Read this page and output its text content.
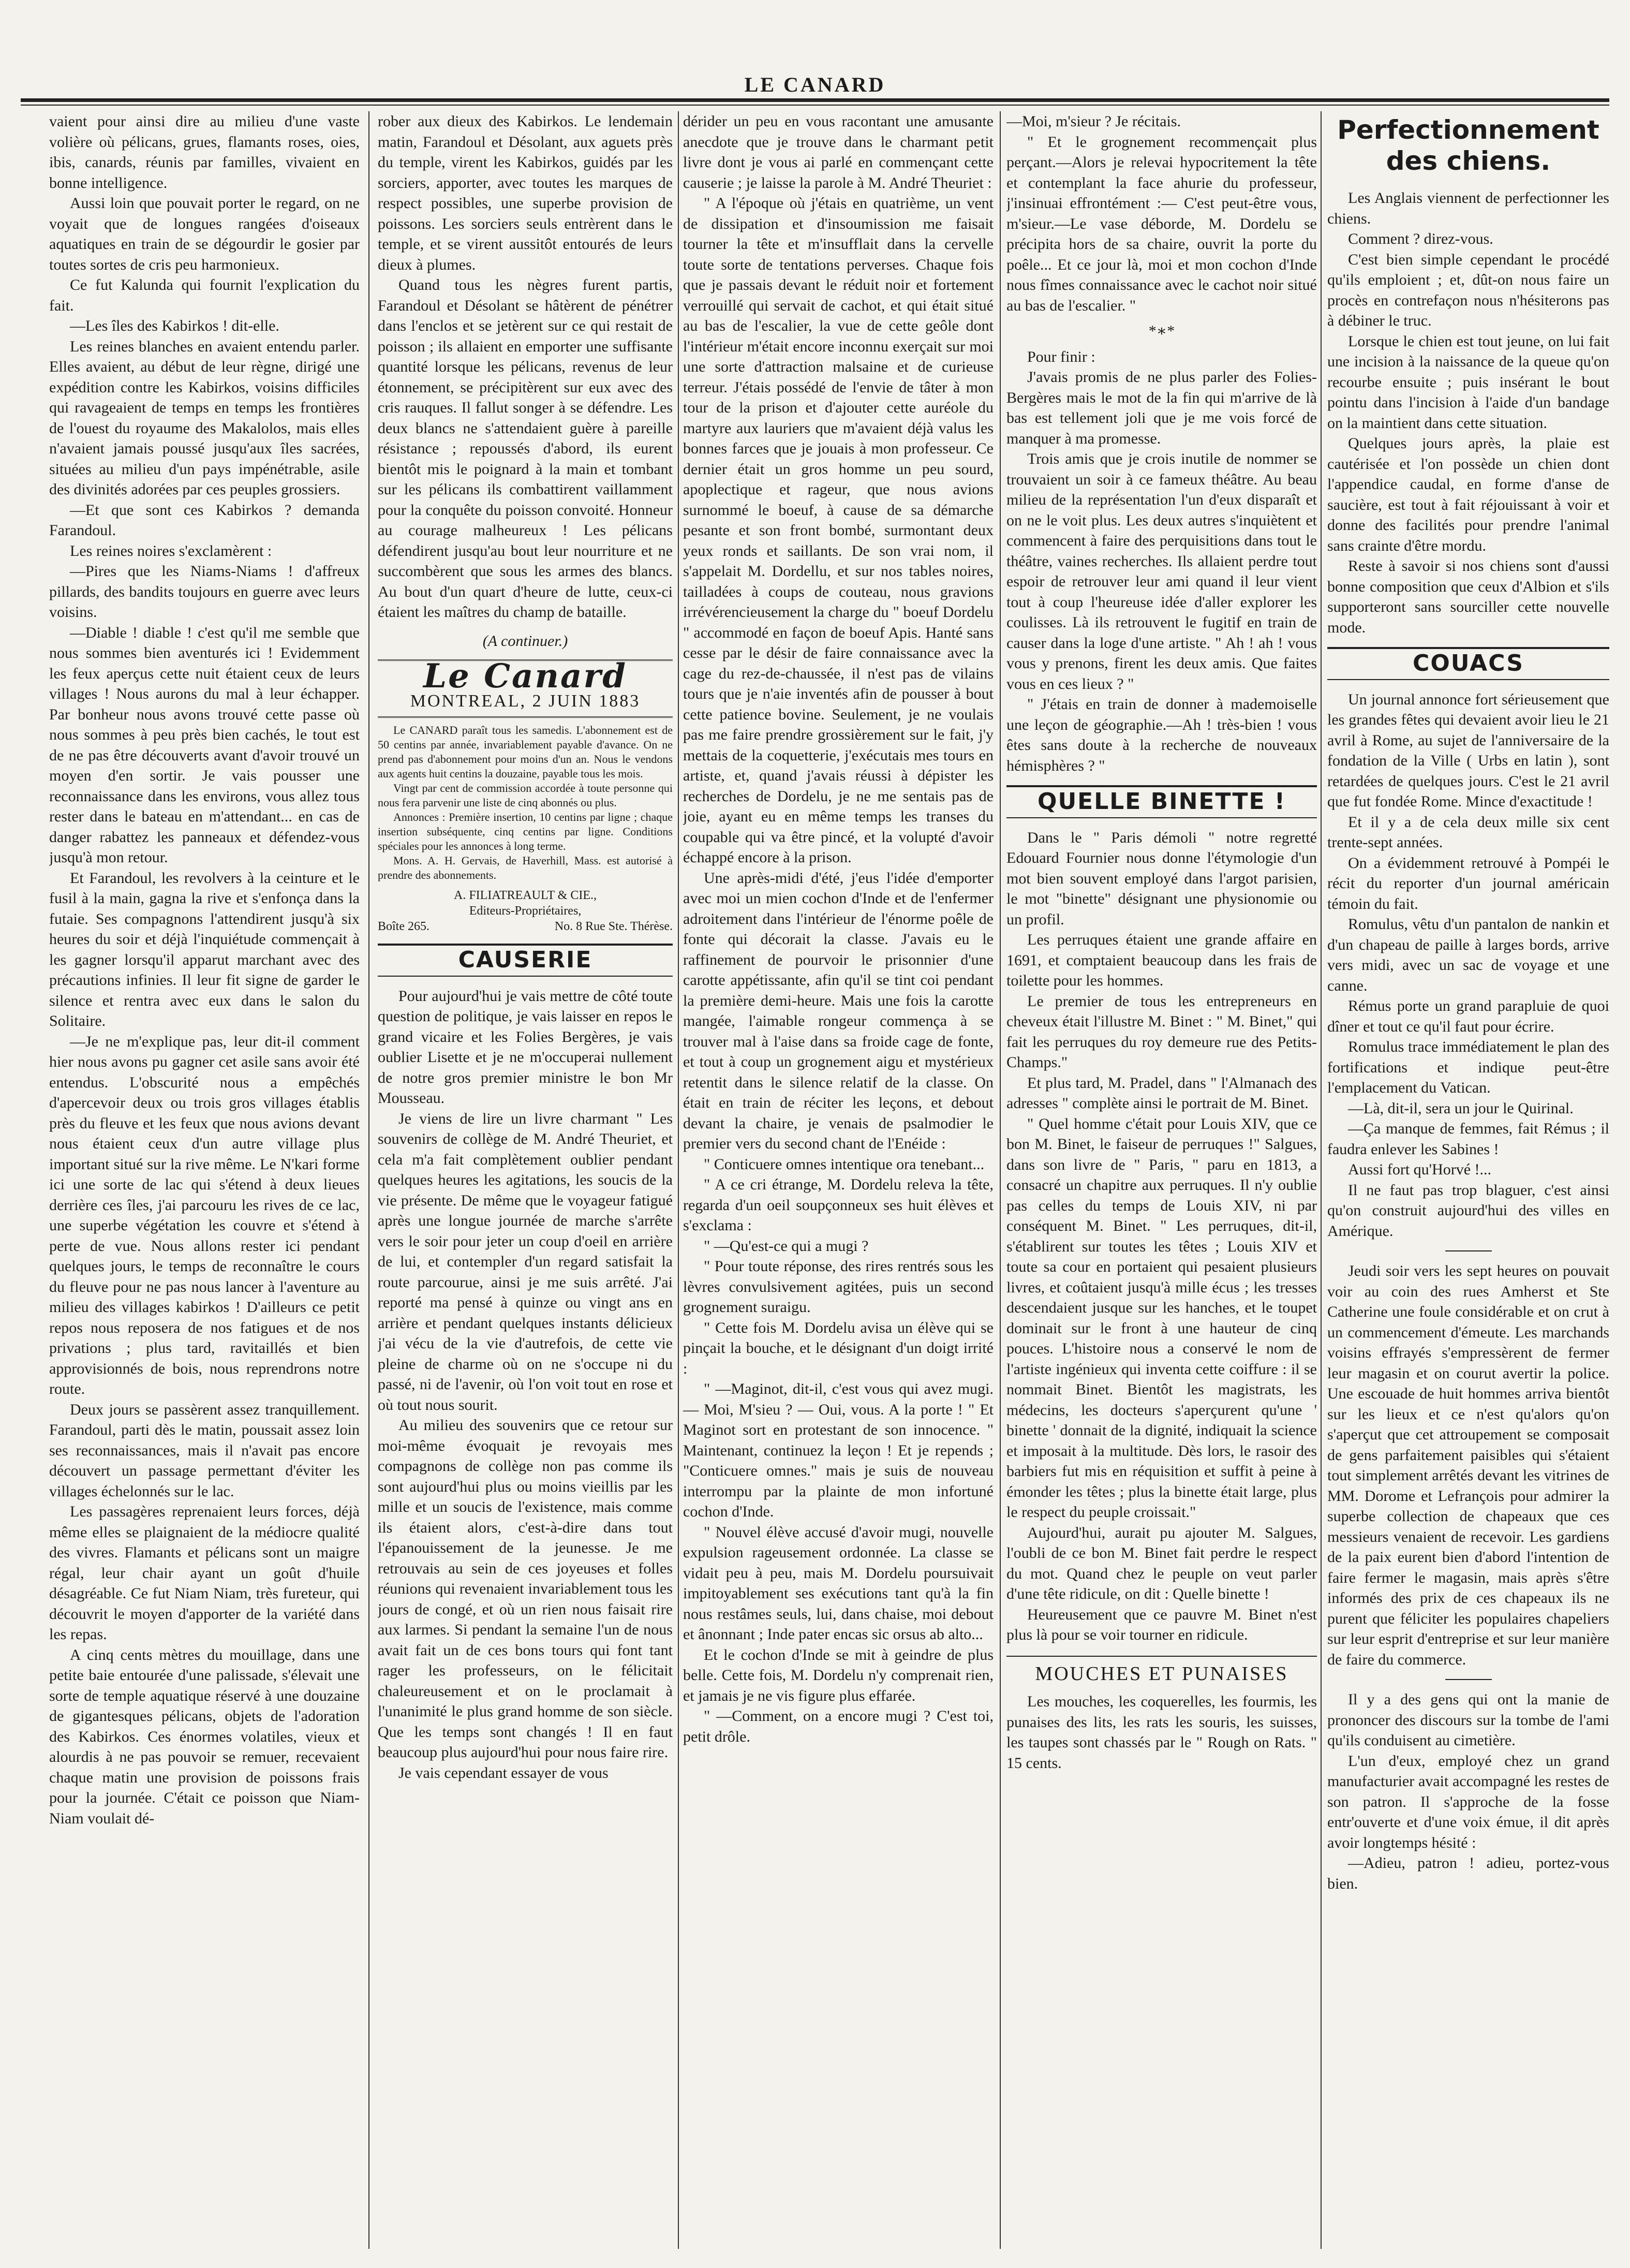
LE CANARD

vaient pour ainsi dire au milieu d'une vaste volière où pélicans, grues, flamants roses, oies, ibis, canards, réunis par familles, vivaient en bonne intelligence.

Aussi loin que pouvait porter le regard, on ne voyait que de longues rangées d'oiseaux aquatiques en train de se dégourdir le gosier par toutes sortes de cris peu harmonieux.

Ce fut Kalunda qui fournit l'explication du fait.

—Les îles des Kabirkos ! dit-elle.

Les reines blanches en avaient entendu parler. Elles avaient, au début de leur règne, dirigé une expédition contre les Kabirkos, voisins difficiles qui ravageaient de temps en temps les frontières de l'ouest du royaume des Makalolos, mais elles n'avaient jamais poussé jusqu'aux îles sacrées, situées au milieu d'un pays impénétrable, asile des divinités adorées par ces peuples grossiers.

—Et que sont ces Kabirkos ? demanda Farandoul.

Les reines noires s'exclamèrent :

—Pires que les Niams-Niams ! d'affreux pillards, des bandits toujours en guerre avec leurs voisins.

—Diable ! diable ! c'est qu'il me semble que nous sommes bien aventurés ici ! Evidemment les feux aperçus cette nuit étaient ceux de leurs villages ! Nous aurons du mal à leur échapper. Par bonheur nous avons trouvé cette passe où nous sommes à peu près bien cachés, le tout est de ne pas être découverts avant d'avoir trouvé un moyen d'en sortir. Je vais pousser une reconnaissance dans les environs, vous allez tous rester dans le bateau en m'attendant... en cas de danger rabattez les panneaux et défendez-vous jusqu'à mon retour.

Et Farandoul, les revolvers à la ceinture et le fusil à la main, gagna la rive et s'enfonça dans la futaie. Ses compagnons l'attendirent jusqu'à six heures du soir et déjà l'inquiétude commençait à les gagner lorsqu'il apparut marchant avec des précautions infinies. Il leur fit signe de garder le silence et rentra avec eux dans le salon du Solitaire.

—Je ne m'explique pas, leur dit-il comment hier nous avons pu gagner cet asile sans avoir été entendus. L'obscurité nous a empêchés d'apercevoir deux ou trois gros villages établis près du fleuve et les feux que nous avions devant nous étaient ceux d'un autre village plus important situé sur la rive même. Le N'kari forme ici une sorte de lac qui s'étend à deux lieues derrière ces îles, j'ai parcouru les rives de ce lac, une superbe végétation les couvre et s'étend à perte de vue. Nous allons rester ici pendant quelques jours, le temps de reconnaître le cours du fleuve pour ne pas nous lancer à l'aventure au milieu des villages kabirkos ! D'ailleurs ce petit repos nous reposera de nos fatigues et de nos privations ; plus tard, ravitaillés et bien approvisionnés de bois, nous reprendrons notre route.

Deux jours se passèrent assez tranquillement. Farandoul, parti dès le matin, poussait assez loin ses reconnaissances, mais il n'avait pas encore découvert un passage permettant d'éviter les villages échelonnés sur le lac.

Les passagères reprenaient leurs forces, déjà même elles se plaignaient de la médiocre qualité des vivres. Flamants et pélicans sont un maigre régal, leur chair ayant un goût d'huile désagréable. Ce fut Niam Niam, très fureteur, qui découvrit le moyen d'apporter de la variété dans les repas.

A cinq cents mètres du mouillage, dans une petite baie entourée d'une palissade, s'élevait une sorte de temple aquatique réservé à une douzaine de gigantesques pélicans, objets de l'adoration des Kabirkos. Ces énormes volatiles, vieux et alourdis à ne pas pouvoir se remuer, recevaient chaque matin une provision de poissons frais pour la journée. C'était ce poisson que Niam-Niam voulait dé-

rober aux dieux des Kabirkos. Le lendemain matin, Farandoul et Désolant, aux aguets près du temple, virent les Kabirkos, guidés par les sorciers, apporter, avec toutes les marques de respect possibles, une superbe provision de poissons. Les sorciers seuls entrèrent dans le temple, et se virent aussitôt entourés de leurs dieux à plumes.

Quand tous les nègres furent partis, Farandoul et Désolant se hâtèrent de pénétrer dans l'enclos et se jetèrent sur ce qui restait de poisson ; ils allaient en emporter une suffisante quantité lorsque les pélicans, revenus de leur étonnement, se précipitèrent sur eux avec des cris rauques. Il fallut songer à se défendre. Les deux blancs ne s'attendaient guère à pareille résistance ; repoussés d'abord, ils eurent bientôt mis le poignard à la main et tombant sur les pélicans ils combattirent vaillamment pour la conquête du poisson convoité. Honneur au courage malheureux ! Les pélicans défendirent jusqu'au bout leur nourriture et ne succombèrent que sous les armes des blancs. Au bout d'un quart d'heure de lutte, ceux-ci étaient les maîtres du champ de bataille.

(A continuer.)
Le Canard
MONTREAL, 2 JUIN 1883

Le CANARD paraît tous les samedis. L'abonnement est de 50 centins par année, invariablement payable d'avance. On ne prend pas d'abonnement pour moins d'un an. Nous le vendons aux agents huit centins la douzaine, payable tous les mois.

Vingt par cent de commission accordée à toute personne qui nous fera parvenir une liste de cinq abonnés ou plus.

Annonces : Première insertion, 10 centins par ligne ; chaque insertion subséquente, cinq centins par ligne. Conditions spéciales pour les annonces à long terme.

Mons. A. H. Gervais, de Haverhill, Mass. est autorisé à prendre des abonnements.

A. FILIATREAULT & CIE.,
Editeurs-Propriétaires,
Boîte 265.	No. 8 Rue Ste. Thérèse.
CAUSERIE

Pour aujourd'hui je vais mettre de côté toute question de politique, je vais laisser en repos le grand vicaire et les Folies Bergères, je vais oublier Lisette et je ne m'occuperai nullement de notre gros premier ministre le bon Mr Mousseau.

Je viens de lire un livre charmant " Les souvenirs de collège de M. André Theuriet, et cela m'a fait complètement oublier pendant quelques heures les agitations, les soucis de la vie présente. De même que le voyageur fatigué après une longue journée de marche s'arrête vers le soir pour jeter un coup d'oeil en arrière de lui, et contempler d'un regard satisfait la route parcourue, ainsi je me suis arrêté. J'ai reporté ma pensé à quinze ou vingt ans en arrière et pendant quelques instants délicieux j'ai vécu de la vie d'autrefois, de cette vie pleine de charme où on ne s'occupe ni du passé, ni de l'avenir, où l'on voit tout en rose et où tout nous sourit.

Au milieu des souvenirs que ce retour sur moi-même évoquait je revoyais mes compagnons de collège non pas comme ils sont aujourd'hui plus ou moins vieillis par les mille et un soucis de l'existence, mais comme ils étaient alors, c'est-à-dire dans tout l'épanouissement de la jeunesse. Je me retrouvais au sein de ces joyeuses et folles réunions qui revenaient invariablement tous les jours de congé, et où un rien nous faisait rire aux larmes. Si pendant la semaine l'un de nous avait fait un de ces bons tours qui font tant rager les professeurs, on le félicitait chaleureusement et on le proclamait à l'unanimité le plus grand homme de son siècle. Que les temps sont changés ! Il en faut beaucoup plus aujourd'hui pour nous faire rire.

Je vais cependant essayer de vous

dérider un peu en vous racontant une amusante anecdote que je trouve dans le charmant petit livre dont je vous ai parlé en commençant cette causerie ; je laisse la parole à M. André Theuriet :

" A l'époque où j'étais en quatrième, un vent de dissipation et d'insoumission me faisait tourner la tête et m'insufflait dans la cervelle toute sorte de tentations perverses. Chaque fois que je passais devant le réduit noir et fortement verrouillé qui servait de cachot, et qui était situé au bas de l'escalier, la vue de cette geôle dont l'intérieur m'était encore inconnu exerçait sur moi une sorte d'attraction malsaine et de curieuse terreur. J'étais possédé de l'envie de tâter à mon tour de la prison et d'ajouter cette auréole du martyre aux lauriers que m'avaient déjà valus les bonnes farces que je jouais à mon professeur. Ce dernier était un gros homme un peu sourd, apoplectique et rageur, que nous avions surnommé le boeuf, à cause de sa démarche pesante et son front bombé, surmontant deux yeux ronds et saillants. De son vrai nom, il s'appelait M. Dordellu, et sur nos tables noires, tailladées à coups de couteau, nous gravions irrévérencieusement la charge du " boeuf Dordelu " accommodé en façon de boeuf Apis. Hanté sans cesse par le désir de faire connaissance avec la cage du rez-de-chaussée, il n'est pas de vilains tours que je n'aie inventés afin de pousser à bout cette patience bovine. Seulement, je ne voulais pas me faire prendre grossièrement sur le fait, j'y mettais de la coquetterie, j'exécutais mes tours en artiste, et, quand j'avais réussi à dépister les recherches de Dordelu, je ne me sentais pas de joie, ayant eu en même temps les transes du coupable qui va être pincé, et la volupté d'avoir échappé encore à la prison.

Une après-midi d'été, j'eus l'idée d'emporter avec moi un mien cochon d'Inde et de l'enfermer adroitement dans l'intérieur de l'énorme poêle de fonte qui décorait la classe. J'avais eu le raffinement de pourvoir le prisonnier d'une carotte appétissante, afin qu'il se tint coi pendant la première demi-heure. Mais une fois la carotte mangée, l'aimable rongeur commença à se trouver mal à l'aise dans sa froide cage de fonte, et tout à coup un grognement aigu et mystérieux retentit dans le silence relatif de la classe. On était en train de réciter les leçons, et debout devant la chaire, je venais de psalmodier le premier vers du second chant de l'Enéide :

" Conticuere omnes intentique ora tenebant...

" A ce cri étrange, M. Dordelu releva la tête, regarda d'un oeil soupçonneux ses huit élèves et s'exclama :

" —Qu'est-ce qui a mugi ?

" Pour toute réponse, des rires rentrés sous les lèvres convulsivement agitées, puis un second grognement suraigu.

" Cette fois M. Dordelu avisa un élève qui se pinçait la bouche, et le désignant d'un doigt irrité :

" —Maginot, dit-il, c'est vous qui avez mugi. — Moi, M'sieu ? — Oui, vous. A la porte ! " Et Maginot sort en protestant de son innocence. " Maintenant, continuez la leçon ! Et je repends ; "Conticuere omnes." mais je suis de nouveau interrompu par la plainte de mon infortuné cochon d'Inde.

" Nouvel élève accusé d'avoir mugi, nouvelle expulsion rageusement ordonnée. La classe se vidait peu à peu, mais M. Dordelu poursuivait impitoyablement ses exécutions tant qu'à la fin nous restâmes seuls, lui, dans chaise, moi debout et ânonnant ; Inde pater encas sic orsus ab alto...

Et le cochon d'Inde se mit à geindre de plus belle. Cette fois, M. Dordelu n'y comprenait rien, et jamais je ne vis figure plus effarée.

" —Comment, on a encore mugi ? C'est toi, petit drôle.

—Moi, m'sieur ? Je récitais.

" Et le grognement recommençait plus perçant.—Alors je relevai hypocritement la tête et contemplant la face ahurie du professeur, j'insinuai effrontément :— C'est peut-être vous, m'sieur.—Le vase déborde, M. Dordelu se précipita hors de sa chaire, ouvrit la porte du poêle... Et ce jour là, moi et mon cochon d'Inde nous fîmes connaissance avec le cachot noir situé au bas de l'escalier. "

*∗*

Pour finir :

J'avais promis de ne plus parler des Folies-Bergères mais le mot de la fin qui m'arrive de là bas est tellement joli que je me vois forcé de manquer à ma promesse.

Trois amis que je crois inutile de nommer se trouvaient un soir à ce fameux théâtre. Au beau milieu de la représentation l'un d'eux disparaît et on ne le voit plus. Les deux autres s'inquiètent et commencent à faire des perquisitions dans tout le théâtre, vaines recherches. Ils allaient perdre tout espoir de retrouver leur ami quand il leur vient tout à coup l'heureuse idée d'aller explorer les coulisses. Là ils retrouvent le fugitif en train de causer dans la loge d'une artiste. " Ah ! ah ! vous vous y prenons, firent les deux amis. Que faites vous en ces lieux ? "

" J'étais en train de donner à mademoiselle une leçon de géographie.—Ah ! très-bien ! vous êtes sans doute à la recherche de nouveaux hémisphères ? "

QUELLE BINETTE !

Dans le " Paris démoli " notre regretté Edouard Fournier nous donne l'étymologie d'un mot bien souvent employé dans l'argot parisien, le mot "binette" désignant une physionomie ou un profil.

Les perruques étaient une grande affaire en 1691, et comptaient beaucoup dans les frais de toilette pour les hommes.

Le premier de tous les entrepreneurs en cheveux était l'illustre M. Binet : " M. Binet," qui fait les perruques du roy demeure rue des Petits-Champs."

Et plus tard, M. Pradel, dans " l'Almanach des adresses " complète ainsi le portrait de M. Binet.

" Quel homme c'était pour Louis XIV, que ce bon M. Binet, le faiseur de perruques !" Salgues, dans son livre de " Paris, " paru en 1813, a consacré un chapitre aux perruques. Il n'y oublie pas celles du temps de Louis XIV, ni par conséquent M. Binet. " Les perruques, dit-il, s'établirent sur toutes les têtes ; Louis XIV et toute sa cour en portaient qui pesaient plusieurs livres, et coûtaient jusqu'à mille écus ; les tresses descendaient jusque sur les hanches, et le toupet dominait sur le front à une hauteur de cinq pouces. L'histoire nous a conservé le nom de l'artiste ingénieux qui inventa cette coiffure : il se nommait Binet. Bientôt les magistrats, les médecins, les docteurs s'aperçurent qu'une ' binette ' donnait de la dignité, indiquait la science et imposait à la multitude. Dès lors, le rasoir des barbiers fut mis en réquisition et suffit à peine à émonder les têtes ; plus la binette était large, plus le respect du peuple croissait."

Aujourd'hui, aurait pu ajouter M. Salgues, l'oubli de ce bon M. Binet fait perdre le respect du mot. Quand chez le peuple on veut parler d'une tête ridicule, on dit : Quelle binette !

Heureusement que ce pauvre M. Binet n'est plus là pour se voir tourner en ridicule.

MOUCHES ET PUNAISES

Les mouches, les coquerelles, les fourmis, les punaises des lits, les rats les souris, les suisses, les taupes sont chassés par le " Rough on Rats. " 15 cents.

Perfectionnement des chiens.

Les Anglais viennent de perfectionner les chiens.

Comment ? direz-vous.

C'est bien simple cependant le procédé qu'ils emploient ; et, dût-on nous faire un procès en contrefaçon nous n'hésiterons pas à débiner le truc.

Lorsque le chien est tout jeune, on lui fait une incision à la naissance de la queue qu'on recourbe ensuite ; puis insérant le bout pointu dans l'incision à l'aide d'un bandage on la maintient dans cette situation.

Quelques jours après, la plaie est cautérisée et l'on possède un chien dont l'appendice caudal, en forme d'anse de saucière, est tout à fait réjouissant à voir et donne des facilités pour prendre l'animal sans crainte d'être mordu.

Reste à savoir si nos chiens sont d'aussi bonne composition que ceux d'Albion et s'ils supporteront sans sourciller cette nouvelle mode.

COUACS

Un journal annonce fort sérieusement que les grandes fêtes qui devaient avoir lieu le 21 avril à Rome, au sujet de l'anniversaire de la fondation de la Ville ( Urbs en latin ), sont retardées de quelques jours. C'est le 21 avril que fut fondée Rome. Mince d'exactitude !

Et il y a de cela deux mille six cent trente-sept années.

On a évidemment retrouvé à Pompéi le récit du reporter d'un journal américain témoin du fait.

Romulus, vêtu d'un pantalon de nankin et d'un chapeau de paille à larges bords, arrive vers midi, avec un sac de voyage et une canne.

Rémus porte un grand parapluie de quoi dîner et tout ce qu'il faut pour écrire.

Romulus trace immédiatement le plan des fortifications et indique peut-être l'emplacement du Vatican.

—Là, dit-il, sera un jour le Quirinal.

—Ça manque de femmes, fait Rémus ; il faudra enlever les Sabines !

Aussi fort qu'Horvé !...

Il ne faut pas trop blaguer, c'est ainsi qu'on construit aujourd'hui des villes en Amérique.

Jeudi soir vers les sept heures on pouvait voir au coin des rues Amherst et Ste Catherine une foule considérable et on crut à un commencement d'émeute. Les marchands voisins effrayés s'empressèrent de fermer leur magasin et on courut avertir la police. Une escouade de huit hommes arriva bientôt sur les lieux et ce n'est qu'alors qu'on s'aperçut que cet attroupement se composait de gens parfaitement paisibles qui s'étaient tout simplement arrêtés devant les vitrines de MM. Dorome et Lefrançois pour admirer la superbe collection de chapeaux que ces messieurs venaient de recevoir. Les gardiens de la paix eurent bien d'abord l'intention de faire fermer le magasin, mais après s'être informés des prix de ces chapeaux ils ne purent que féliciter les populaires chapeliers sur leur esprit d'entreprise et sur leur manière de faire du commerce.

Il y a des gens qui ont la manie de prononcer des discours sur la tombe de l'ami qu'ils conduisent au cimetière.

L'un d'eux, employé chez un grand manufacturier avait accompagné les restes de son patron. Il s'approche de la fosse entr'ouverte et d'une voix émue, il dit après avoir longtemps hésité :

—Adieu, patron ! adieu, portez-vous bien.
